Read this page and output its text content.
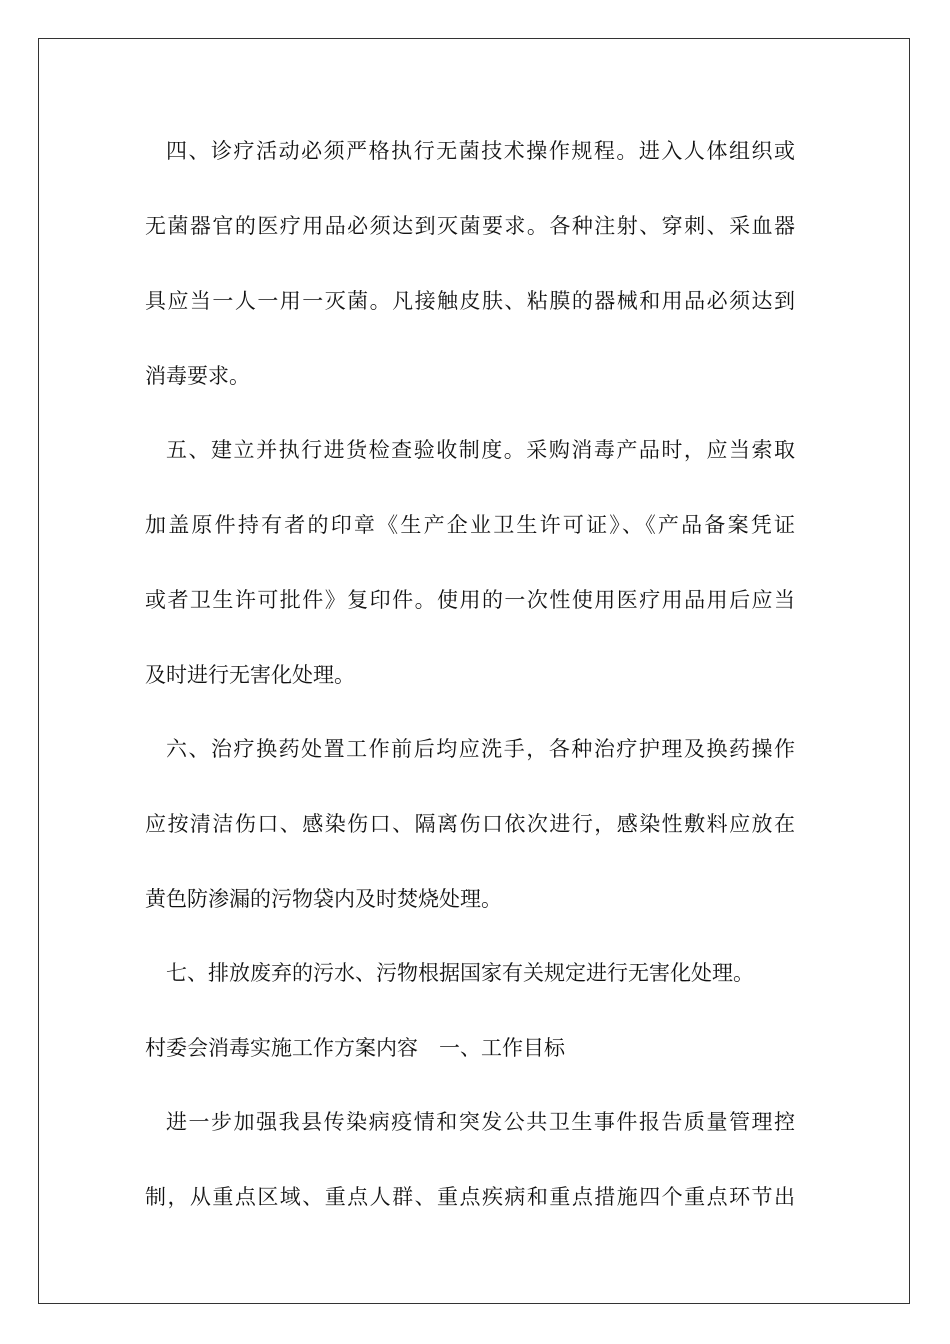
四、诊疗活动必须严格执行无菌技术操作规程。进入人体组织或
无菌器官的医疗用品必须达到灭菌要求。各种注射、穿刺、采血器
具应当一人一用一灭菌。凡接触皮肤、粘膜的器械和用品必须达到
消毒要求。
五、建立并执行进货检查验收制度。采购消毒产品时，应当索取
加盖原件持有者的印章《生产企业卫生许可证》、《产品备案凭证
或者卫生许可批件》复印件。使用的一次性使用医疗用品用后应当
及时进行无害化处理。
六、治疗换药处置工作前后均应洗手，各种治疗护理及换药操作
应按清洁伤口、感染伤口、隔离伤口依次进行，感染性敷料应放在
黄色防渗漏的污物袋内及时焚烧处理。
七、排放废弃的污水、污物根据国家有关规定进行无害化处理。
村委会消毒实施工作方案内容　一、工作目标
进一步加强我县传染病疫情和突发公共卫生事件报告质量管理控
制，从重点区域、重点人群、重点疾病和重点措施四个重点环节出
